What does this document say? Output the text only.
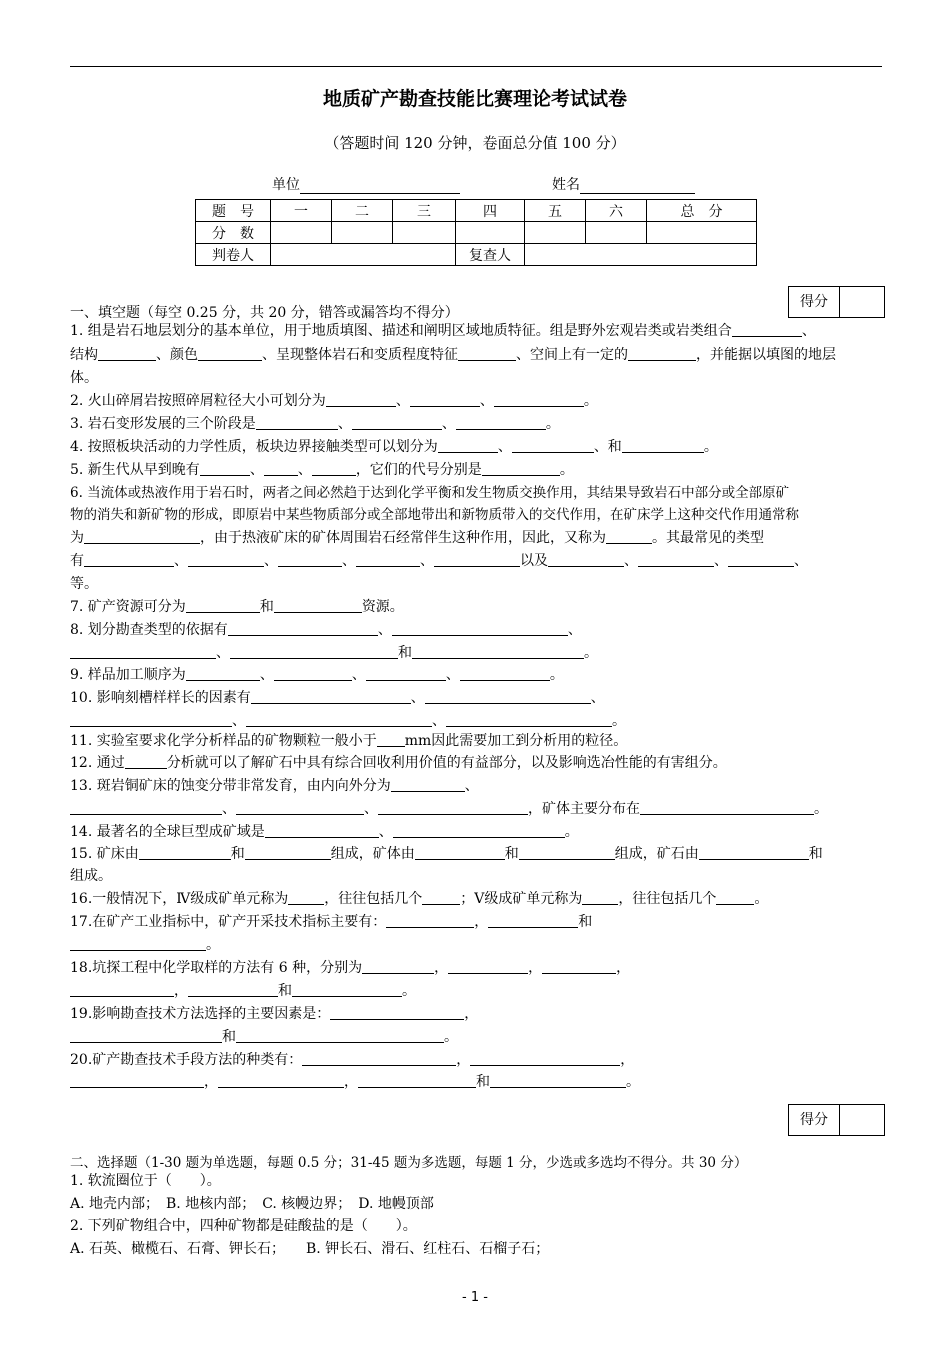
地质矿产勘查技能比赛理论考试试卷
（答题时间 120 分钟，卷面总分值 100 分）
单位	姓名
题　号	一	二	三	四	五	六	总　分
分　数							
判卷人				复查人			
得分
一、填空题（每空 0.25 分，共 20 分，错答或漏答均不得分）
1. 组是岩石地层划分的基本单位，用于地质填图、描述和阐明区域地质特征。组是野外宏观岩类或岩类组合	、
结构	、颜色	、呈现整体岩石和变质程度特征	、空间上有一定的	，并能据以填图的地层
体。
2. 火山碎屑岩按照碎屑粒径大小可划分为	、	、	。
3. 岩石变形发展的三个阶段是	、	、	。
4. 按照板块活动的力学性质，板块边界接触类型可以划分为	、	、和	。
5. 新生代从早到晚有	、 、	，它们的代号分别是	。
6. 当流体或热液作用于岩石时，两者之间必然趋于达到化学平衡和发生物质交换作用，其结果导致岩石中部分或全部原矿
物的消失和新矿物的形成，即原岩中某些物质部分或全部地带出和新物质带入的交代作用，在矿床学上这种交代作用通常称
为	，由于热液矿床的矿体周围岩石经常伴生这种作用，因此，又称为	。其最常见的类型
有	、	、	、	、	以及	、	、	、
等。
7. 矿产资源可分为	和	资源。
8. 划分勘查类型的依据有	、	、
、	和	。
9. 样品加工顺序为	、	、	、	。
10. 影响刻槽样样长的因素有	、	、
、	、	。
11. 实验室要求化学分析样品的矿物颗粒一般小于 mm因此需要加工到分析用的粒径。
12. 通过	分析就可以了解矿石中具有综合回收利用价值的有益部分，以及影响选冶性能的有害组分。
13. 斑岩铜矿床的蚀变分带非常发育，由内向外分为	、
、	、	，矿体主要分布在	。
14. 最著名的全球巨型成矿域是	、	。
15. 矿床由	和	组成，矿体由	和	组成，矿石由	和
组成。
16.一般情况下，Ⅳ级成矿单元称为	，往往包括几个	；Ⅴ级成矿单元称为	，往往包括几个	。
17.在矿产工业指标中，矿产开采技术指标主要有：	，	和
。
18.坑探工程中化学取样的方法有 6 种，分别为	，	，	，
，	和	。
19.影响勘查技术方法选择的主要因素是：	，
和	。
20.矿产勘查技术手段方法的种类有：	，	，
，	，	和	。
得分
二、选择题（1-30 题为单选题，每题 0.5 分；31-45 题为多选题，每题 1 分，少选或多选均不得分。共 30 分）
1. 软流圈位于（　　）。
A. 地壳内部；　B. 地核内部；　C. 核幔边界；　D. 地幔顶部
2. 下列矿物组合中，四种矿物都是硅酸盐的是（　　）。
A. 石英、橄榄石、石膏、钾长石；　　B. 钾长石、滑石、红柱石、石榴子石；
- 1 -
